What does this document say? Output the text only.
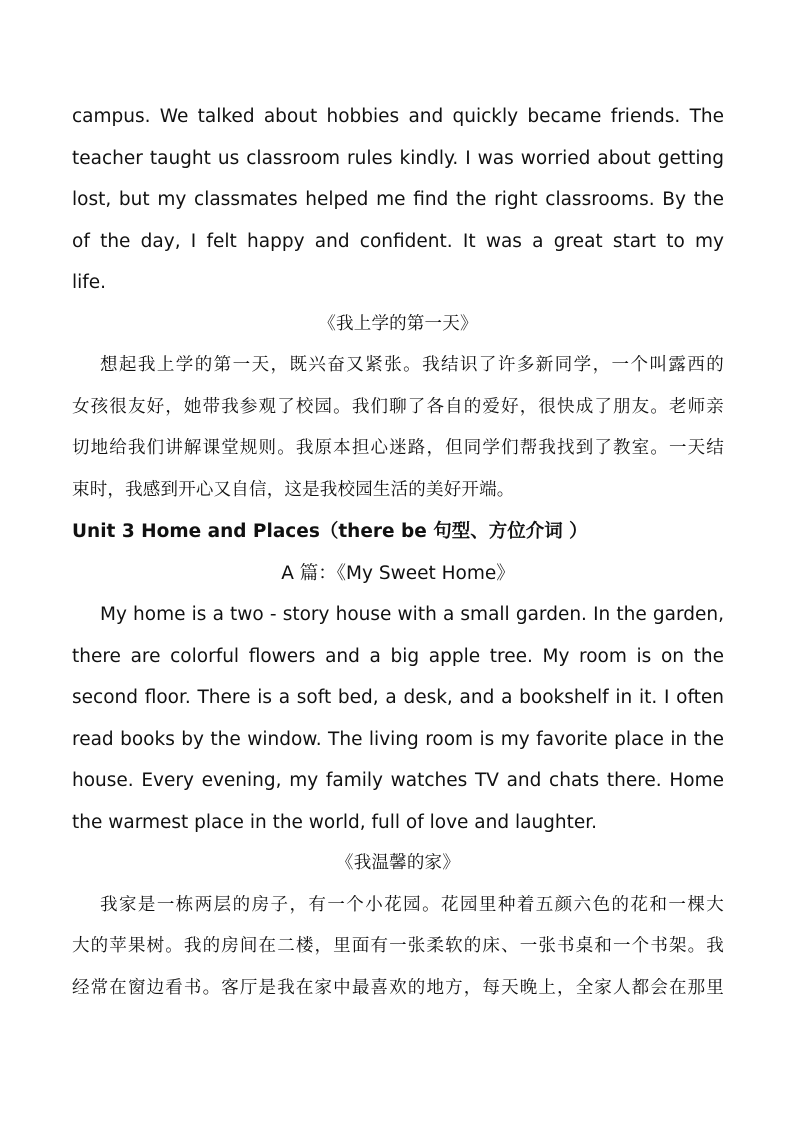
campus. We talked about hobbies and quickly became friends. The
teacher taught us classroom rules kindly. I was worried about getting
lost, but my classmates helped me find the right classrooms. By the
of the day, I felt happy and confident. It was a great start to my
life.
《我上学的第一天》
想起我上学的第一天，既兴奋又紧张。我结识了许多新同学，一个叫露西的
女孩很友好，她带我参观了校园。我们聊了各自的爱好，很快成了朋友。老师亲
切地给我们讲解课堂规则。我原本担心迷路，但同学们帮我找到了教室。一天结
束时，我感到开心又自信，这是我校园生活的美好开端。
Unit 3 Home and Places（there be 句型、方位介词 ）
A 篇：《My Sweet Home》
My home is a two - story house with a small garden. In the garden,
there are colorful flowers and a big apple tree. My room is on the
second floor. There is a soft bed, a desk, and a bookshelf in it. I often
read books by the window. The living room is my favorite place in the
house. Every evening, my family watches TV and chats there. Home
the warmest place in the world, full of love and laughter.
《我温馨的家》
我家是一栋两层的房子，有一个小花园。花园里种着五颜六色的花和一棵大
大的苹果树。我的房间在二楼，里面有一张柔软的床、一张书桌和一个书架。我
经常在窗边看书。客厅是我在家中最喜欢的地方，每天晚上，全家人都会在那里
